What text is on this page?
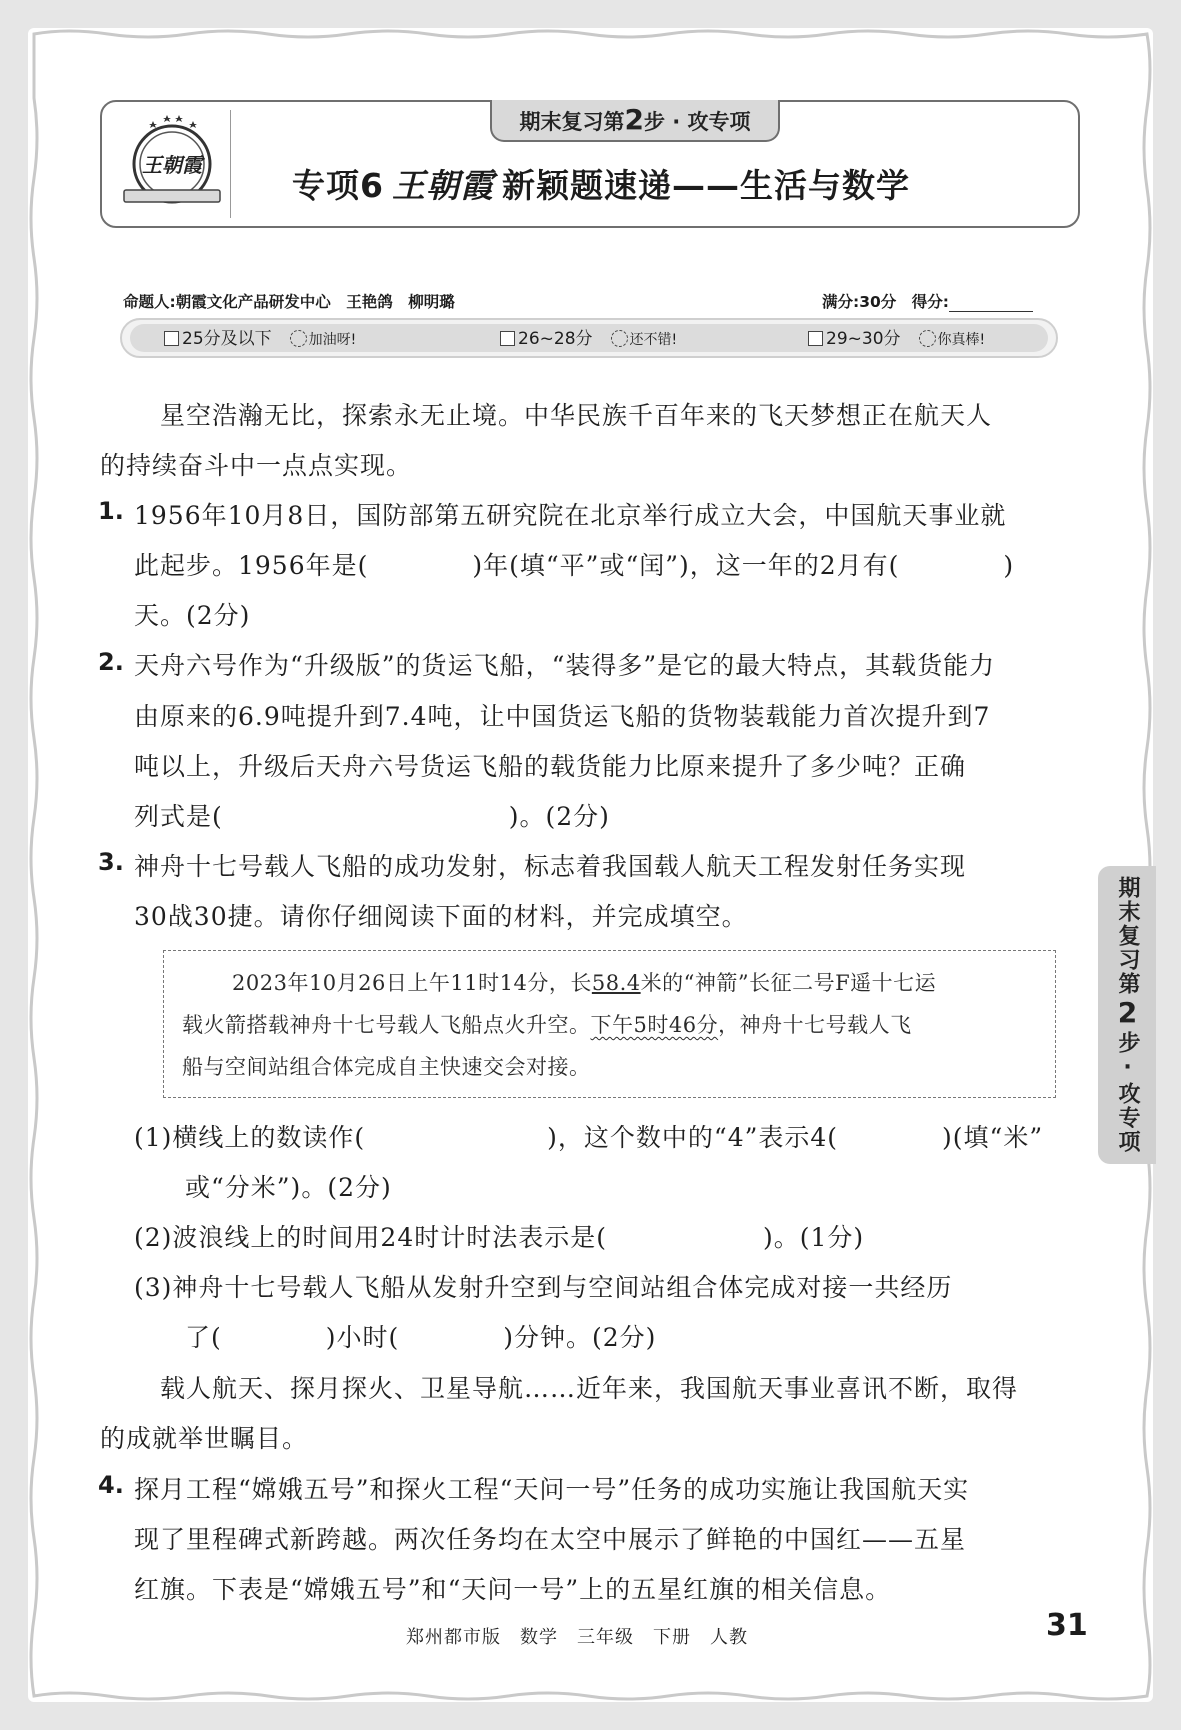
王朝霞
期末复习第2步 · 攻专项
专项6 王朝霞 新颖题速递——生活与数学
命题人:朝霞文化产品研发中心　王艳鸽　柳明璐	满分:30分　得分:
25分及以下	加油呀!	26~28分	还不错!	29~30分	你真棒!
星空浩瀚无比，探索永无止境。中华民族千百年来的飞天梦想正在航天人
的持续奋斗中一点点实现。
1. 1956年10月8日，国防部第五研究院在北京举行成立大会，中国航天事业就
此起步。1956年是(　　　　)年(填“平”或“闰”)，这一年的2月有(　　　　)
天。(2分)
2. 天舟六号作为“升级版”的货运飞船，“装得多”是它的最大特点，其载货能力
由原来的6.9吨提升到7.4吨，让中国货运飞船的货物装载能力首次提升到7
吨以上，升级后天舟六号货运飞船的载货能力比原来提升了多少吨？正确
列式是(　　　　　　　　　　　)。(2分)
3. 神舟十七号载人飞船的成功发射，标志着我国载人航天工程发射任务实现
30战30捷。请你仔细阅读下面的材料，并完成填空。
2023年10月26日上午11时14分，长58.4米的“神箭”长征二号F遥十七运
载火箭搭载神舟十七号载人飞船点火升空。下午5时46分，神舟十七号载人飞
船与空间站组合体完成自主快速交会对接。
(1)横线上的数读作(　　　　　　　)，这个数中的“4”表示4(　　　　)(填“米”
或“分米”)。(2分)
(2)波浪线上的时间用24时计时法表示是(　　　　　　)。(1分)
(3)神舟十七号载人飞船从发射升空到与空间站组合体完成对接一共经历
了(　　　　)小时(　　　　)分钟。(2分)
载人航天、探月探火、卫星导航……近年来，我国航天事业喜讯不断，取得
的成就举世瞩目。
4. 探月工程“嫦娥五号”和探火工程“天问一号”任务的成功实施让我国航天实
现了里程碑式新跨越。两次任务均在太空中展示了鲜艳的中国红——五星
红旗。下表是“嫦娥五号”和“天问一号”上的五星红旗的相关信息。
期末复习第2步·攻专项
郑州都市版　数学　三年级　下册　人教	31
